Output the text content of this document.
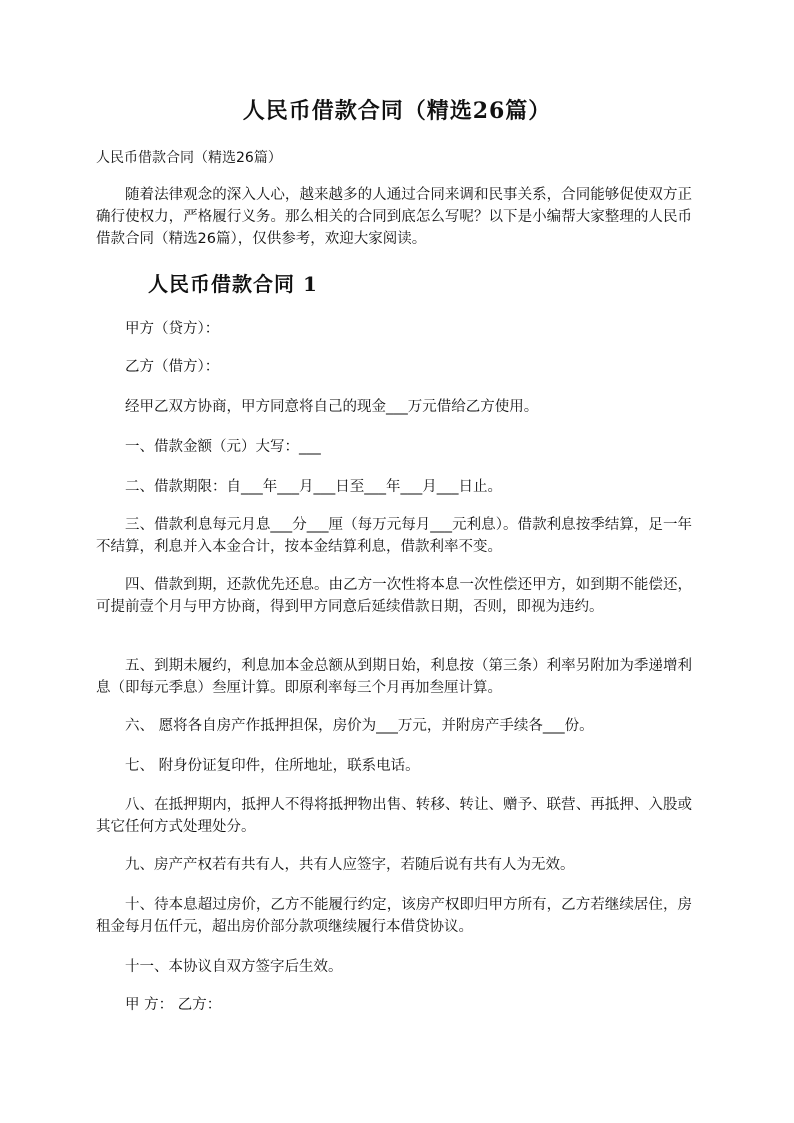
人民币借款合同（精选26篇）
人民币借款合同（精选26篇）
随着法律观念的深入人心，越来越多的人通过合同来调和民事关系，合同能够促使双方正确行使权力，严格履行义务。那么相关的合同到底怎么写呢？以下是小编帮大家整理的人民币借款合同（精选26篇），仅供参考，欢迎大家阅读。
人民币借款合同 1

甲方（贷方）：

乙方（借方）：

经甲乙双方协商，甲方同意将自己的现金___万元借给乙方使用。

一、借款金额（元）大写：___

二、借款期限：自___年___月___日至___年___月___日止。

三、借款利息每元月息___分___厘（每万元每月___元利息）。借款利息按季结算，足一年不结算，利息并入本金合计，按本金结算利息，借款利率不变。

四、借款到期，还款优先还息。由乙方一次性将本息一次性偿还甲方，如到期不能偿还，可提前壹个月与甲方协商，得到甲方同意后延续借款日期，否则，即视为违约。

五、到期未履约，利息加本金总额从到期日始，利息按（第三条）利率另附加为季递增利息（即每元季息）叁厘计算。即原利率每三个月再加叁厘计算。

六、 愿将各自房产作抵押担保，房价为___万元，并附房产手续各___份。

七、 附身份证复印件，住所地址，联系电话。

八、在抵押期内，抵押人不得将抵押物出售、转移、转让、赠予、联营、再抵押、入股或其它任何方式处理处分。

九、房产产权若有共有人，共有人应签字，若随后说有共有人为无效。

十、待本息超过房价，乙方不能履行约定，该房产权即归甲方所有，乙方若继续居住，房租金每月伍仟元，超出房价部分款项继续履行本借贷协议。

十一、本协议自双方签字后生效。

甲 方： 乙方：
